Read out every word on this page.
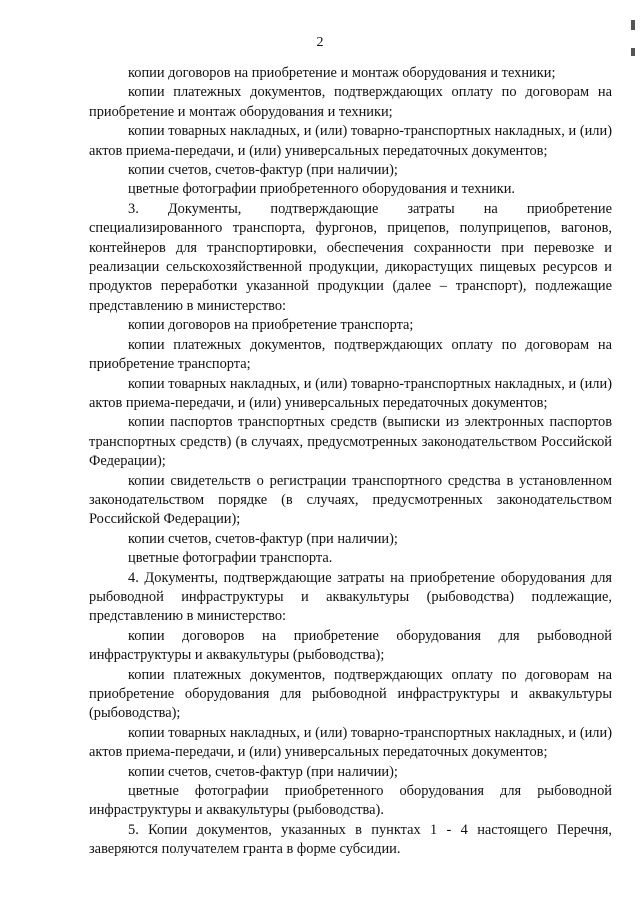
2

копии договоров на приобретение и монтаж оборудования и техники;

копии платежных документов, подтверждающих оплату по договорам на приобретение и монтаж оборудования и техники;

копии товарных накладных, и (или) товарно-транспортных накладных, и (или) актов приема-передачи, и (или) универсальных передаточных документов;

копии счетов, счетов-фактур (при наличии);

цветные фотографии приобретенного оборудования и техники.

3. Документы, подтверждающие затраты на приобретение специализированного транспорта, фургонов, прицепов, полуприцепов, вагонов, контейнеров для транспортировки, обеспечения сохранности при перевозке и реализации сельскохозяйственной продукции, дикорастущих пищевых ресурсов и продуктов переработки указанной продукции (далее – транспорт), подлежащие представлению в министерство:

копии договоров на приобретение транспорта;

копии платежных документов, подтверждающих оплату по договорам на приобретение транспорта;

копии товарных накладных, и (или) товарно-транспортных накладных, и (или) актов приема-передачи, и (или) универсальных передаточных документов;

копии паспортов транспортных средств (выписки из электронных паспортов транспортных средств) (в случаях, предусмотренных законодательством Российской Федерации);

копии свидетельств о регистрации транспортного средства в установленном законодательством порядке (в случаях, предусмотренных законодательством Российской Федерации);

копии счетов, счетов-фактур (при наличии);

цветные фотографии транспорта.

4. Документы, подтверждающие затраты на приобретение оборудования для рыбоводной инфраструктуры и аквакультуры (рыбоводства) подлежащие, представлению в министерство:

копии договоров на приобретение оборудования для рыбоводной инфраструктуры и аквакультуры (рыбоводства);

копии платежных документов, подтверждающих оплату по договорам на приобретение оборудования для рыбоводной инфраструктуры и аквакультуры (рыбоводства);

копии товарных накладных, и (или) товарно-транспортных накладных, и (или) актов приема-передачи, и (или) универсальных передаточных документов;

копии счетов, счетов-фактур (при наличии);

цветные фотографии приобретенного оборудования для рыбоводной инфраструктуры и аквакультуры (рыбоводства).

5. Копии документов, указанных в пунктах 1 - 4 настоящего Перечня, заверяются получателем гранта в форме субсидии.
